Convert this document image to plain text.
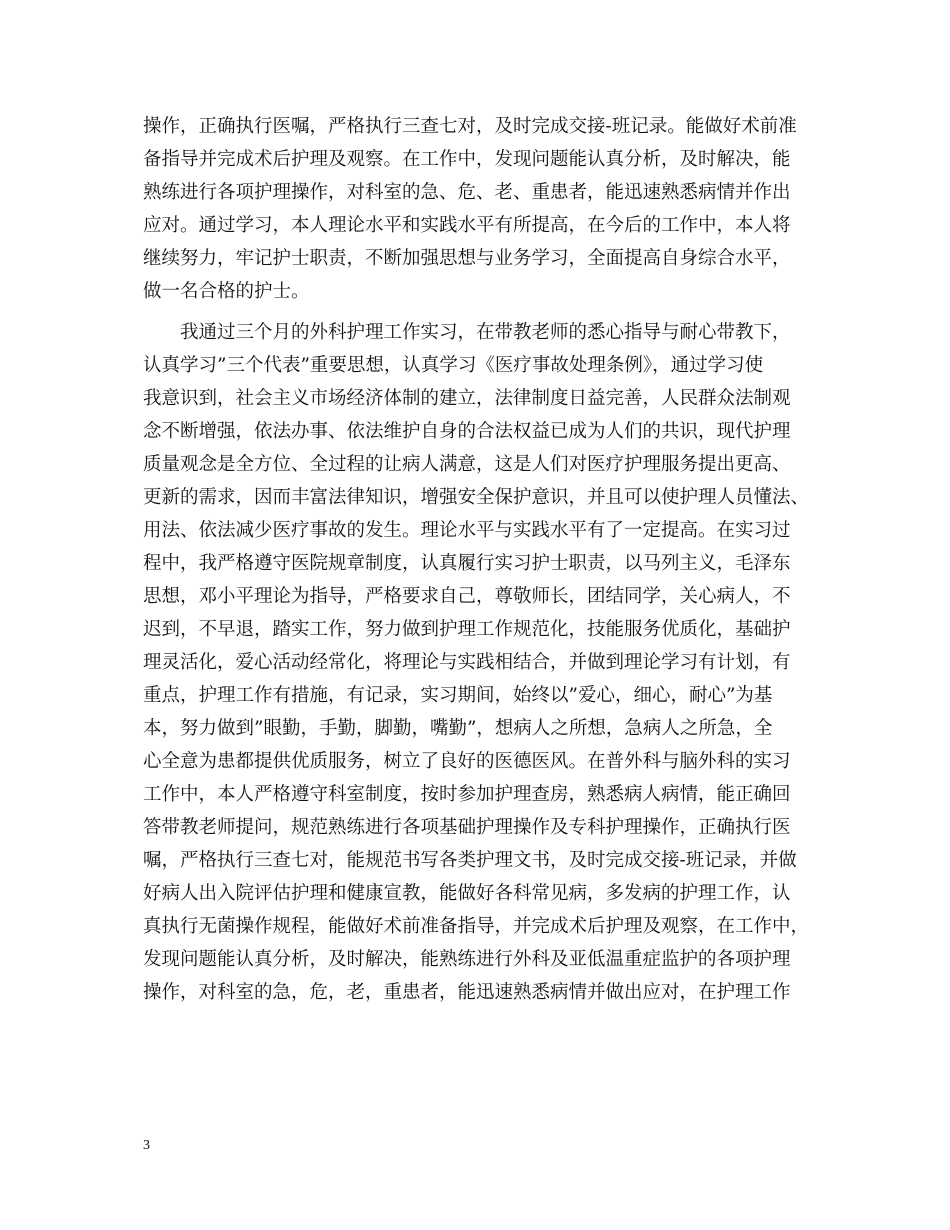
操作，正确执行医嘱，严格执行三查七对，及时完成交接-班记录。能做好术前准
备指导并完成术后护理及观察。在工作中，发现问题能认真分析，及时解决，能
熟练进行各项护理操作，对科室的急、危、老、重患者，能迅速熟悉病情并作出
应对。通过学习，本人理论水平和实践水平有所提高，在今后的工作中，本人将
继续努力，牢记护士职责，不断加强思想与业务学习，全面提高自身综合水平，
做一名合格的护士。
　　我通过三个月的外科护理工作实习，在带教老师的悉心指导与耐心带教下，
认真学习”三个代表”重要思想，认真学习《医疗事故处理条例》，通过学习使
我意识到，社会主义市场经济体制的建立，法律制度日益完善，人民群众法制观
念不断增强，依法办事、依法维护自身的合法权益已成为人们的共识，现代护理
质量观念是全方位、全过程的让病人满意，这是人们对医疗护理服务提出更高、
更新的需求，因而丰富法律知识，增强安全保护意识，并且可以使护理人员懂法、
用法、依法减少医疗事故的发生。理论水平与实践水平有了一定提高。在实习过
程中，我严格遵守医院规章制度，认真履行实习护士职责，以马列主义，毛泽东
思想，邓小平理论为指导，严格要求自己，尊敬师长，团结同学，关心病人，不
迟到，不早退，踏实工作，努力做到护理工作规范化，技能服务优质化，基础护
理灵活化，爱心活动经常化，将理论与实践相结合，并做到理论学习有计划，有
重点，护理工作有措施，有记录，实习期间，始终以”爱心，细心，耐心”为基
本，努力做到”眼勤，手勤，脚勤，嘴勤”，想病人之所想，急病人之所急，全
心全意为患都提供优质服务，树立了良好的医德医风。在普外科与脑外科的实习
工作中，本人严格遵守科室制度，按时参加护理查房，熟悉病人病情，能正确回
答带教老师提问，规范熟练进行各项基础护理操作及专科护理操作，正确执行医
嘱，严格执行三查七对，能规范书写各类护理文书，及时完成交接-班记录，并做
好病人出入院评估护理和健康宣教，能做好各科常见病，多发病的护理工作，认
真执行无菌操作规程，能做好术前准备指导，并完成术后护理及观察，在工作中，
发现问题能认真分析，及时解决，能熟练进行外科及亚低温重症监护的各项护理
操作，对科室的急，危，老，重患者，能迅速熟悉病情并做出应对，在护理工作
3
